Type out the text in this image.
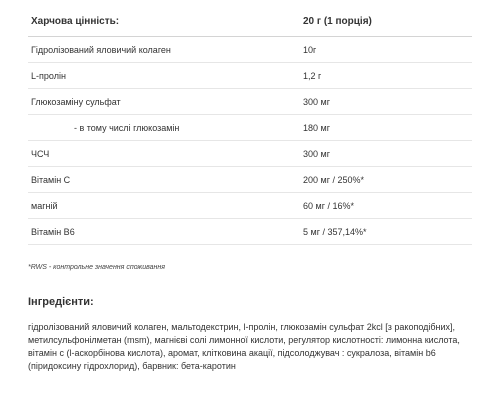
Харчова цінність:	20 г (1 порція)
Гідролізований яловичий колаген	10г
L-пролін	1,2 г
Глюкозаміну сульфат	300 мг
- в тому числі глюкозамін	180 мг
ЧСЧ	300 мг
Вітамін С	200 мг / 250%*
магній	60 мг / 16%*
Вітамін В6	5 мг / 357,14%*
*RWS - контрольне значення споживання
Інгредієнти:
гідролізований яловичий колаген, мальтодекстрин, l-пролін, глюкозамін сульфат 2kcl [з ракоподібних], метилсульфонілметан (msm), магнієві солі лимонної кислоти, регулятор кислотності: лимонна кислота, вітамін с (l-аскорбінова кислота), аромат, клітковина акації, підсолоджувач : сукралоза, вітамін b6 (піридоксину гідрохлорид), барвник: бета-каротин
